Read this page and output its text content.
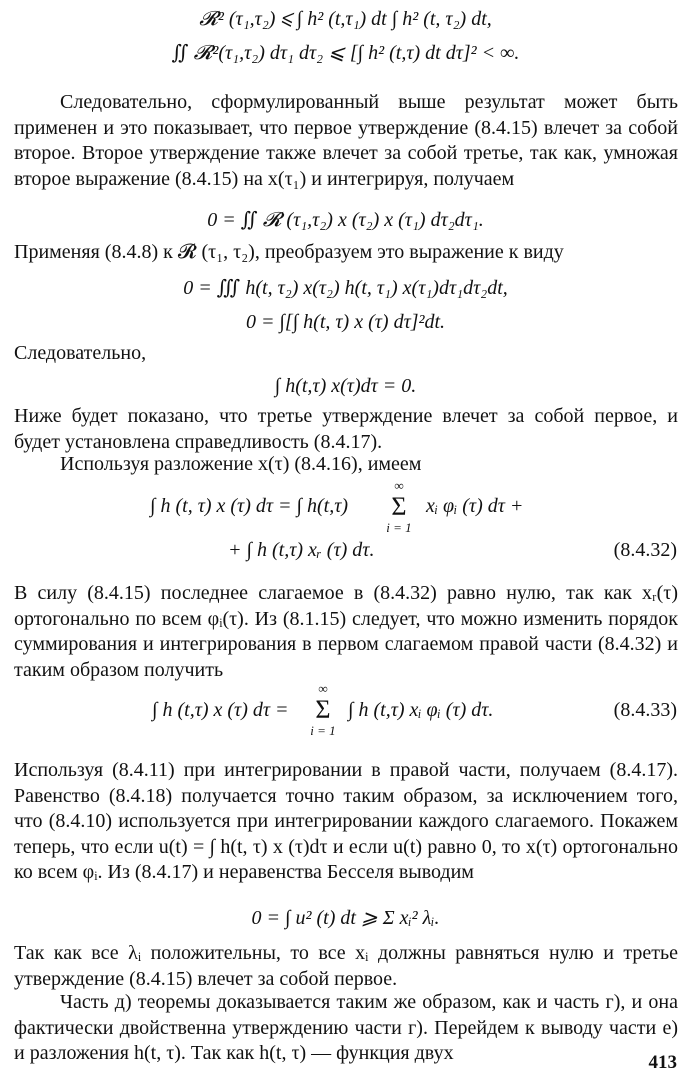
𝓡² (τ₁,τ₂) ⩽ ∫ h² (t,τ₁) dt ∫ h² (t, τ₂) dt,
∬ 𝓡²(τ₁,τ₂) dτ₁ dτ₂ ⩽ [∫ h² (t,τ) dt dτ]² < ∞.

Следовательно, сформулированный выше результат может быть применен и это показывает, что первое утверждение (8.4.15) влечет за собой второе. Второе утверждение также влечет за собой третье, так как, умножая второе выражение (8.4.15) на x(τ₁) и интегрируя, получаем

0 = ∬ 𝓡 (τ₁,τ₂) x (τ₂) x (τ₁) dτ₂dτ₁.

Применяя (8.4.8) к 𝓡 (τ₁, τ₂), преобразуем это выражение к виду

0 = ∭ h(t, τ₂) x(τ₂) h(t, τ₁) x(τ₁)dτ₁dτ₂dt,
0 = ∫[∫ h(t, τ) x (τ) dτ]²dt.

Следовательно,

∫ h(t,τ) x(τ)dτ = 0.

Ниже будет показано, что третье утверждение влечет за собой первое, и будет установлена справедливость (8.4.17).

Используя разложение x(τ) (8.4.16), имеем

∫ h (t, τ) x (τ) dτ = ∫ h(t,τ)
∞
Σ
i = 1
xᵢ φᵢ (τ) dτ +
+ ∫ h (t,τ) xᵣ (τ) dτ.	(8.4.32)

В силу (8.4.15) последнее слагаемое в (8.4.32) равно нулю, так как xᵣ(τ) ортогонально по всем φᵢ(τ). Из (8.1.15) следует, что можно изменить порядок суммирования и интегрирования в первом слагаемом правой части (8.4.32) и таким образом получить

∫ h (t,τ) x (τ) dτ =
∞
Σ
i = 1
∫ h (t,τ) xᵢ φᵢ (τ) dτ.	(8.4.33)

Используя (8.4.11) при интегрировании в правой части, получаем (8.4.17). Равенство (8.4.18) получается точно таким образом, за исключением того, что (8.4.10) используется при интегрировании каждого слагаемого. Покажем теперь, что если u(t) = ∫ h(t, τ) x (τ)dτ и если u(t) равно 0, то x(τ) ортогонально ко всем φᵢ. Из (8.4.17) и неравенства Бесселя выводим

0 = ∫ u² (t) dt ⩾ Σ xᵢ² λᵢ.

Так как все λᵢ положительны, то все xᵢ должны равняться нулю и третье утверждение (8.4.15) влечет за собой первое.

Часть д) теоремы доказывается таким же образом, как и часть г), и она фактически двойственна утверждению части г). Перейдем к выводу части е) и разложения h(t, τ). Так как h(t, τ) — функция двух	413
